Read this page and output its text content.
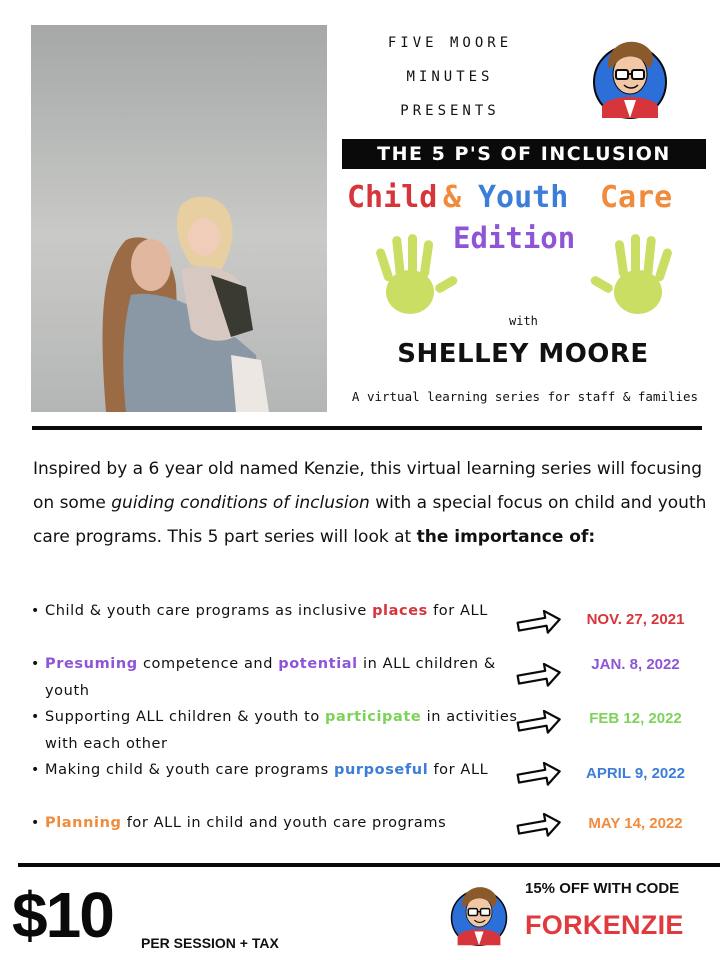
FIVE MOORE
MINUTES
PRESENTS
THE 5 P'S OF INCLUSION
Child & Youth Care
Edition
with
SHELLEY MOORE
A virtual learning series for staff & families
Inspired by a 6 year old named Kenzie, this virtual learning series will focusing on some guiding conditions of inclusion with a special focus on child and youth care programs. This 5 part series will look at the importance of:
• Child & youth care programs as inclusive places for ALL
• Presuming competence and potential in ALL children & youth
• Supporting ALL children & youth to participate in activities with each other
• Making child & youth care programs purposeful for ALL
• Planning for ALL in child and youth care programs
NOV. 27, 2021
JAN. 8, 2022
FEB 12, 2022
APRIL 9, 2022
MAY 14, 2022
$10 PER SESSION + TAX
15% OFF WITH CODE
FORKENZIE
